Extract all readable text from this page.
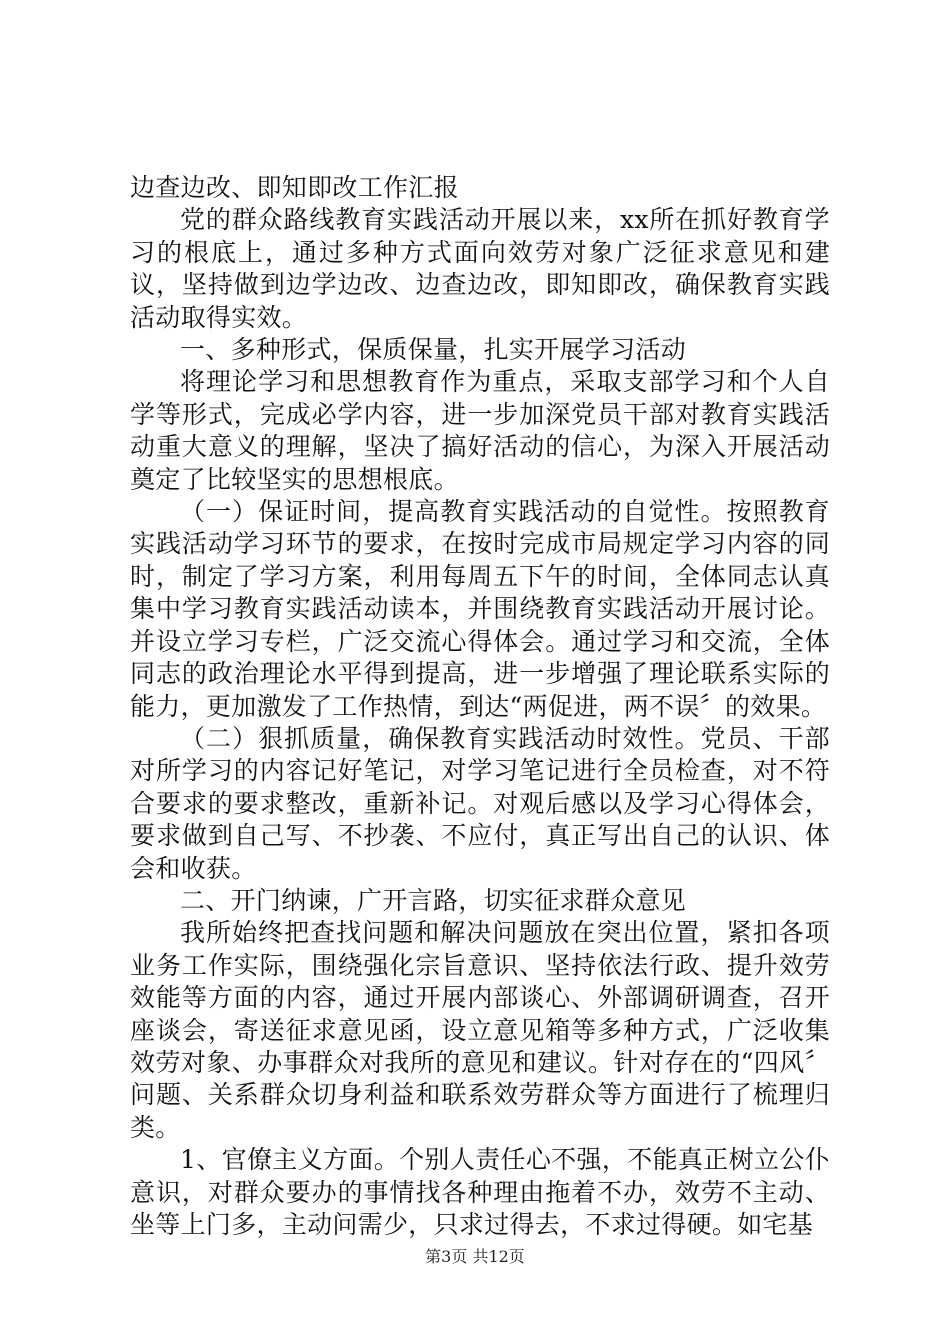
边查边改、即知即改工作汇报

党的群众路线教育实践活动开展以来，xx所在抓好教育学习的根底上，通过多种方式面向效劳对象广泛征求意见和建议，坚持做到边学边改、边查边改，即知即改，确保教育实践活动取得实效。

一、多种形式，保质保量，扎实开展学习活动

将理论学习和思想教育作为重点，采取支部学习和个人自学等形式，完成必学内容，进一步加深党员干部对教育实践活动重大意义的理解，坚决了搞好活动的信心，为深入开展活动奠定了比较坚实的思想根底。

（一）保证时间，提高教育实践活动的自觉性。按照教育实践活动学习环节的要求，在按时完成市局规定学习内容的同时，制定了学习方案，利用每周五下午的时间，全体同志认真集中学习教育实践活动读本，并围绕教育实践活动开展讨论。并设立学习专栏，广泛交流心得体会。通过学习和交流，全体同志的政治理论水平得到提高，进一步增强了理论联系实际的能力，更加激发了工作热情，到达“两促进，两不误〞的效果。

（二）狠抓质量，确保教育实践活动时效性。党员、干部对所学习的内容记好笔记，对学习笔记进行全员检查，对不符合要求的要求整改，重新补记。对观后感以及学习心得体会，要求做到自己写、不抄袭、不应付，真正写出自己的认识、体会和收获。

二、开门纳谏，广开言路，切实征求群众意见

我所始终把查找问题和解决问题放在突出位置，紧扣各项业务工作实际，围绕强化宗旨意识、坚持依法行政、提升效劳效能等方面的内容，通过开展内部谈心、外部调研调查，召开座谈会，寄送征求意见函，设立意见箱等多种方式，广泛收集效劳对象、办事群众对我所的意见和建议。针对存在的“四风〞问题、关系群众切身利益和联系效劳群众等方面进行了梳理归类。

1、官僚主义方面。个别人责任心不强，不能真正树立公仆意识，对群众要办的事情找各种理由拖着不办，效劳不主动、坐等上门多，主动问需少，只求过得去，不求过得硬。如宅基

第3页 共12页
